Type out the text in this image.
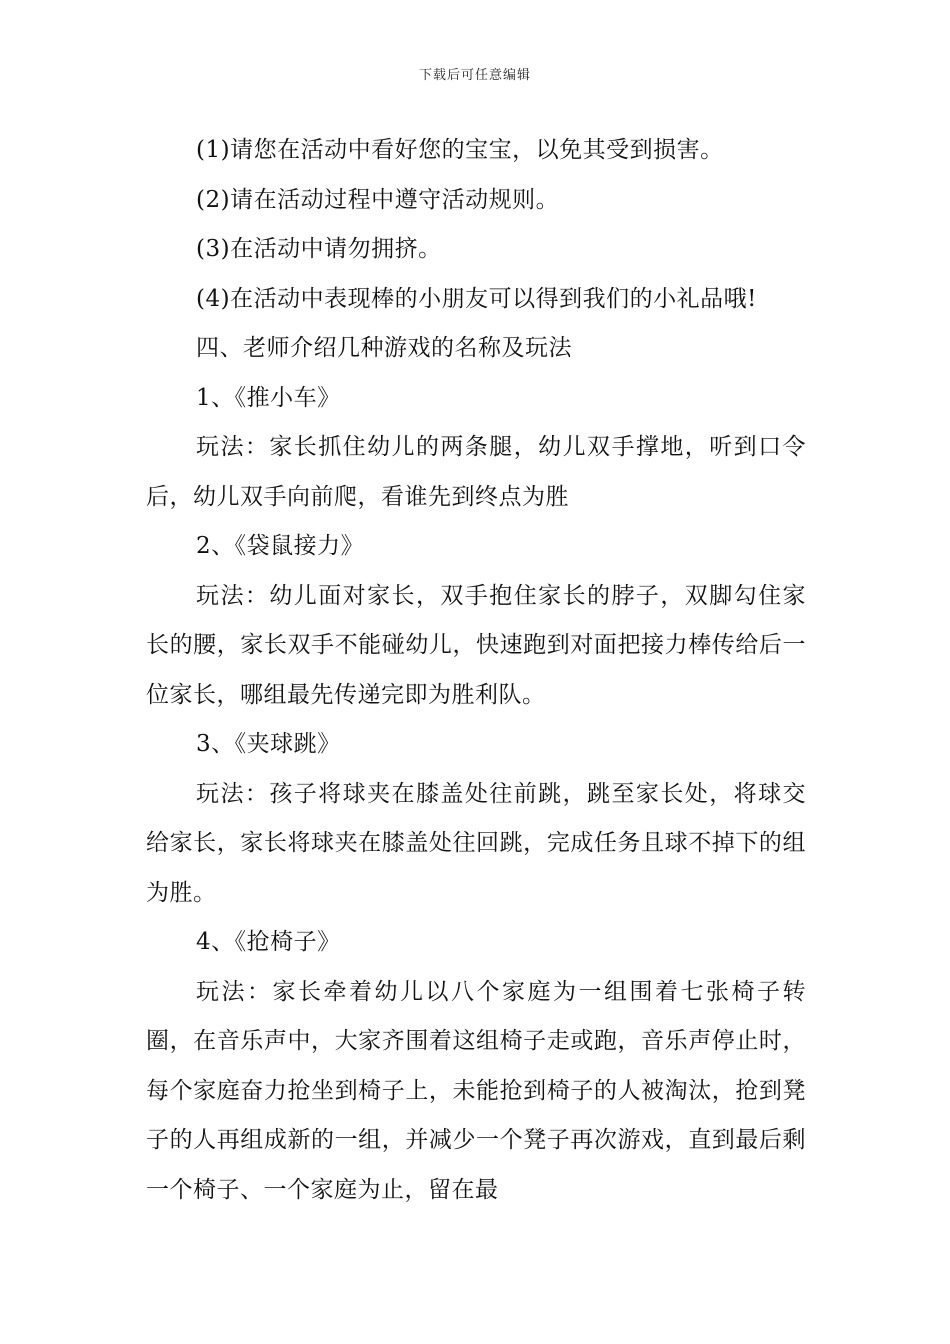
下载后可任意编辑

(1)请您在活动中看好您的宝宝，以免其受到损害。

(2)请在活动过程中遵守活动规则。

(3)在活动中请勿拥挤。

(4)在活动中表现棒的小朋友可以得到我们的小礼品哦!

四、老师介绍几种游戏的名称及玩法

1、《推小车》

玩法：家长抓住幼儿的两条腿，幼儿双手撑地，听到口令后，幼儿双手向前爬，看谁先到终点为胜

2、《袋鼠接力》

玩法：幼儿面对家长，双手抱住家长的脖子，双脚勾住家长的腰，家长双手不能碰幼儿，快速跑到对面把接力棒传给后一位家长，哪组最先传递完即为胜利队。

3、《夹球跳》

玩法：孩子将球夹在膝盖处往前跳，跳至家长处，将球交给家长，家长将球夹在膝盖处往回跳，完成任务且球不掉下的组为胜。

4、《抢椅子》

玩法：家长牵着幼儿以八个家庭为一组围着七张椅子转圈，在音乐声中，大家齐围着这组椅子走或跑，音乐声停止时，每个家庭奋力抢坐到椅子上，未能抢到椅子的人被淘汰，抢到凳子的人再组成新的一组，并减少一个凳子再次游戏，直到最后剩一个椅子、一个家庭为止，留在最
